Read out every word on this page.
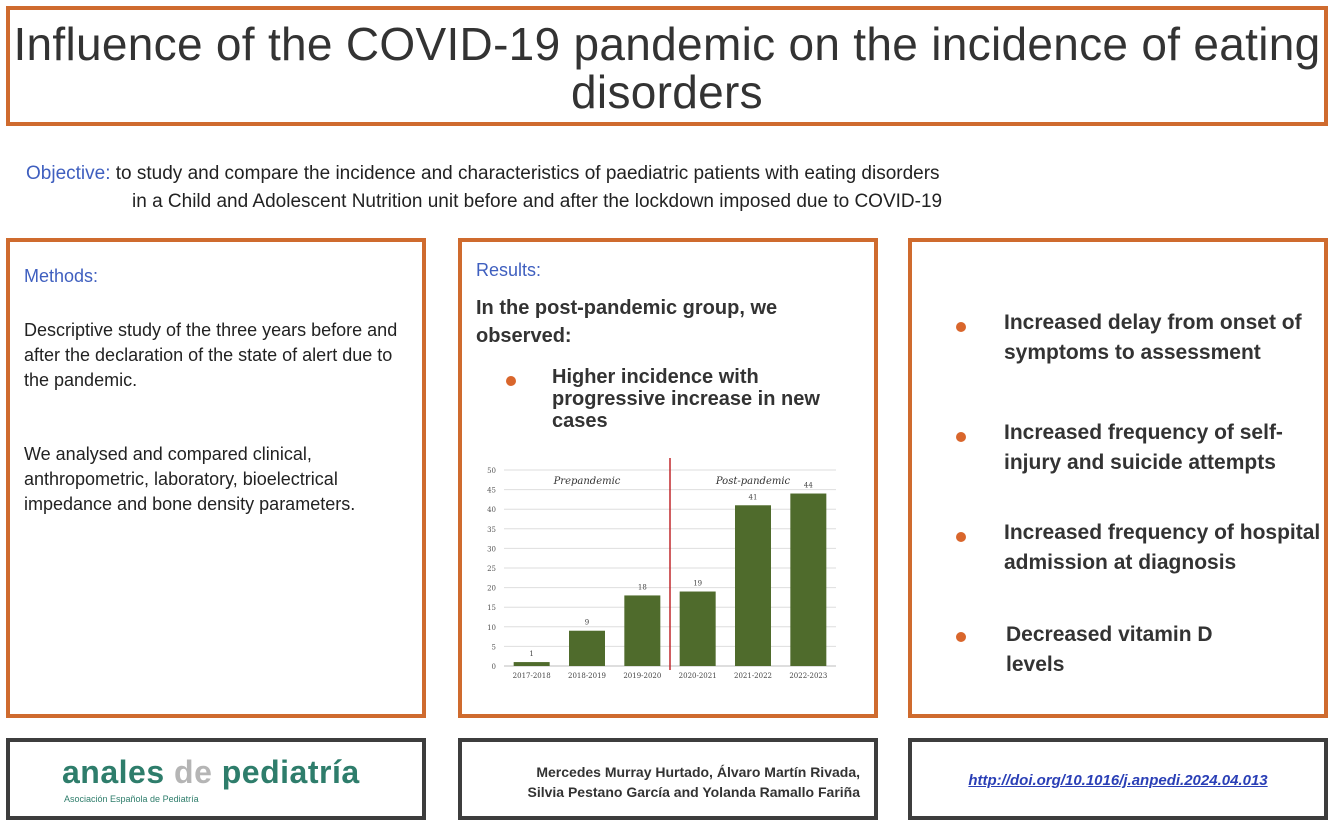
Influence of the COVID-19 pandemic on the incidence of eating disorders
Objective: to study and compare the incidence and characteristics of paediatric patients with eating disorders
in a Child and Adolescent Nutrition unit before and after the lockdown imposed due to COVID-19
Methods:
Descriptive study of the three years before and after the declaration of the state of alert due to the pandemic.
We analysed and compared clinical, anthropometric, laboratory, bioelectrical impedance and bone density parameters.
Results:
In the post-pandemic group, we observed:
Higher incidence with progressive increase in new cases
0
5
10
15
20
25
30
35
40
45
50
1
2017-2018
9
2018-2019
18
2019-2020
19
2020-2021
41
2021-2022
44
2022-2023
Prepandemic	Post-pandemic
Increased delay from onset of symptoms to assessment
Increased frequency of self-injury and suicide attempts
Increased frequency of hospital admission at diagnosis
Decreased vitamin D levels
anales de pediatría
Asociación Española de Pediatría
Mercedes Murray Hurtado, Álvaro Martín Rivada,
Silvia Pestano García and Yolanda Ramallo Fariña
http://doi.org/10.1016/j.anpedi.2024.04.013
